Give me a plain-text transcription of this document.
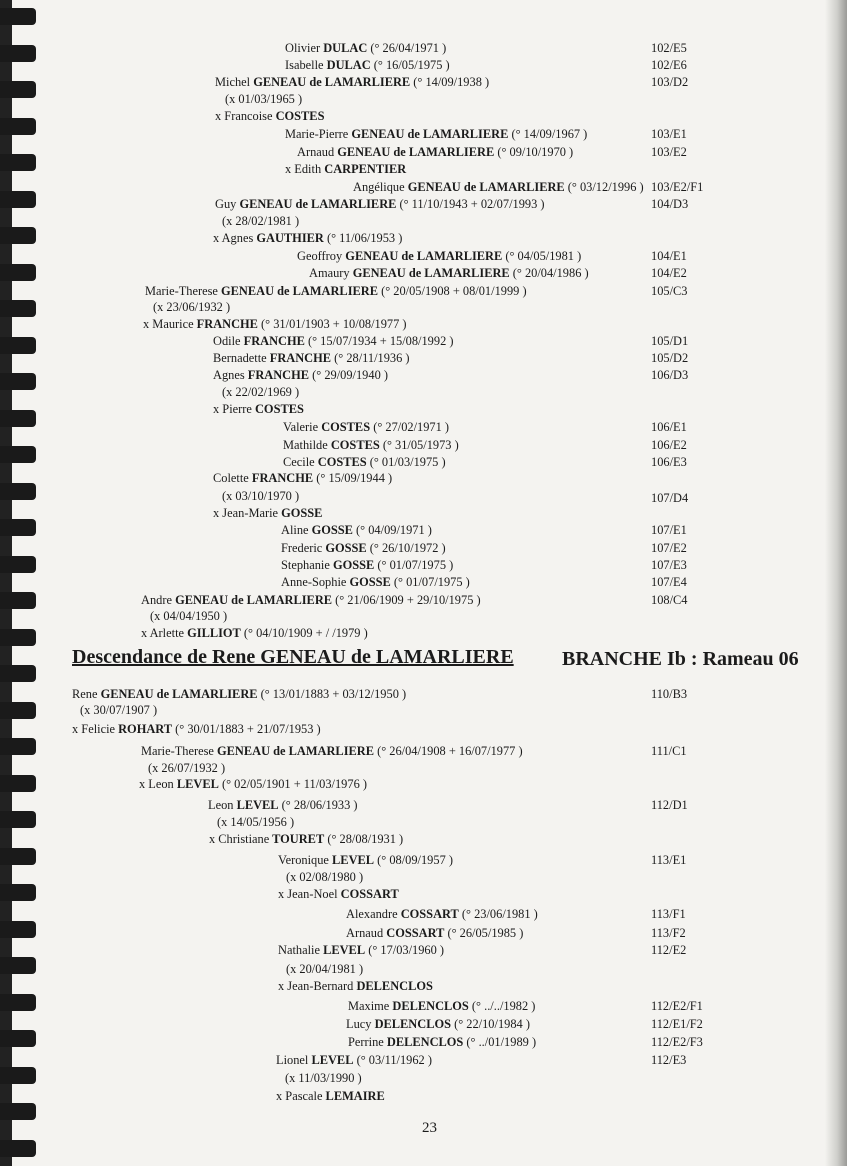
Descendance de Rene GENEAU de LAMARLIERE BRANCHE Ib : Rameau 06
23
Olivier DULAC (° 26/04/1971 )	102/E5
Isabelle DULAC (° 16/05/1975 )	102/E6
Michel GENEAU de LAMARLIERE (° 14/09/1938 )	103/D2
(x 01/03/1965 )
x Francoise COSTES
Marie-Pierre GENEAU de LAMARLIERE (° 14/09/1967 )	103/E1
Arnaud GENEAU de LAMARLIERE (° 09/10/1970 )	103/E2
x Edith CARPENTIER
Angélique GENEAU de LAMARLIERE (° 03/12/1996 ) 103/E2/F1
Guy GENEAU de LAMARLIERE (° 11/10/1943 + 02/07/1993 )	104/D3
(x 28/02/1981 )
x Agnes GAUTHIER (° 11/06/1953 )
Geoffroy GENEAU de LAMARLIERE (° 04/05/1981 )	104/E1
Amaury GENEAU de LAMARLIERE (° 20/04/1986 )	104/E2
Marie-Therese GENEAU de LAMARLIERE (° 20/05/1908 + 08/01/1999 )	105/C3
(x 23/06/1932 )
x Maurice FRANCHE (° 31/01/1903 + 10/08/1977 )
Odile FRANCHE (° 15/07/1934 + 15/08/1992 )	105/D1
Bernadette FRANCHE (° 28/11/1936 )	105/D2
Agnes FRANCHE (° 29/09/1940 )	106/D3
(x 22/02/1969 )
x Pierre COSTES
Valerie COSTES (° 27/02/1971 )	106/E1
Mathilde COSTES (° 31/05/1973 )	106/E2
Cecile COSTES (° 01/03/1975 )	106/E3
Colette FRANCHE (° 15/09/1944 )
(x 03/10/1970 )	107/D4
x Jean-Marie GOSSE
Aline GOSSE (° 04/09/1971 )	107/E1
Frederic GOSSE (° 26/10/1972 )	107/E2
Stephanie GOSSE (° 01/07/1975 )	107/E3
Anne-Sophie GOSSE (° 01/07/1975 )	107/E4
Andre GENEAU de LAMARLIERE (° 21/06/1909 + 29/10/1975 )	108/C4
(x 04/04/1950 )
x Arlette GILLIOT (° 04/10/1909 + / /1979 )
Rene GENEAU de LAMARLIERE (° 13/01/1883 + 03/12/1950 )	110/B3
(x 30/07/1907 )
x Felicie ROHART (° 30/01/1883 + 21/07/1953 )
Marie-Therese GENEAU de LAMARLIERE (° 26/04/1908 + 16/07/1977 )	111/C1
(x 26/07/1932 )
x Leon LEVEL (° 02/05/1901 + 11/03/1976 )
Leon LEVEL (° 28/06/1933 )	112/D1
(x 14/05/1956 )
x Christiane TOURET (° 28/08/1931 )
Veronique LEVEL (° 08/09/1957 )	113/E1
(x 02/08/1980 )
x Jean-Noel COSSART
Alexandre COSSART (° 23/06/1981 )	113/F1
Arnaud COSSART (° 26/05/1985 )	113/F2
Nathalie LEVEL (° 17/03/1960 )	112/E2
(x 20/04/1981 )
x Jean-Bernard DELENCLOS
Maxime DELENCLOS (° ../../1982 )	112/E2/F1
Lucy DELENCLOS (° 22/10/1984 )	112/E1/F2
Perrine DELENCLOS (° ../01/1989 )	112/E2/F3
Lionel LEVEL (° 03/11/1962 )	112/E3
(x 11/03/1990 )
x Pascale LEMAIRE
